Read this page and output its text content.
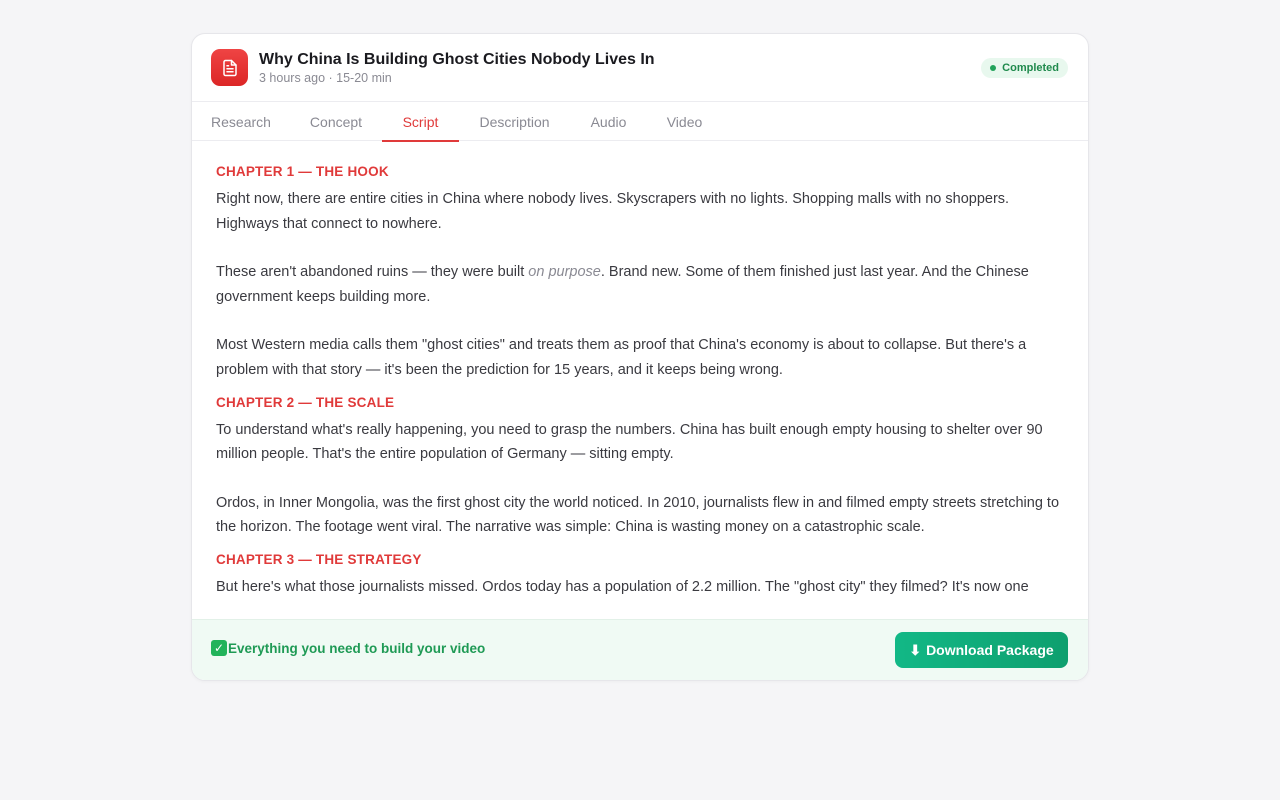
Why China Is Building Ghost Cities Nobody Lives In
3 hours ago · 15-20 min
Completed
Research	Concept	Script	Description	Audio	Video
CHAPTER 1 — THE HOOK

Right now, there are entire cities in China where nobody lives. Skyscrapers with no lights. Shopping malls with no shoppers. Highways that connect to nowhere.

These aren't abandoned ruins — they were built on purpose. Brand new. Some of them finished just last year. And the Chinese government keeps building more.

Most Western media calls them "ghost cities" and treats them as proof that China's economy is about to collapse. But there's a problem with that story — it's been the prediction for 15 years, and it keeps being wrong.

CHAPTER 2 — THE SCALE

To understand what's really happening, you need to grasp the numbers. China has built enough empty housing to shelter over 90 million people. That's the entire population of Germany — sitting empty.

Ordos, in Inner Mongolia, was the first ghost city the world noticed. In 2010, journalists flew in and filmed empty streets stretching to the horizon. The footage went viral. The narrative was simple: China is wasting money on a catastrophic scale.

CHAPTER 3 — THE STRATEGY

But here's what those journalists missed. Ordos today has a population of 2.2 million. The "ghost city" they filmed? It's now one

✓ Everything you need to build your video	⬇ Download Package
